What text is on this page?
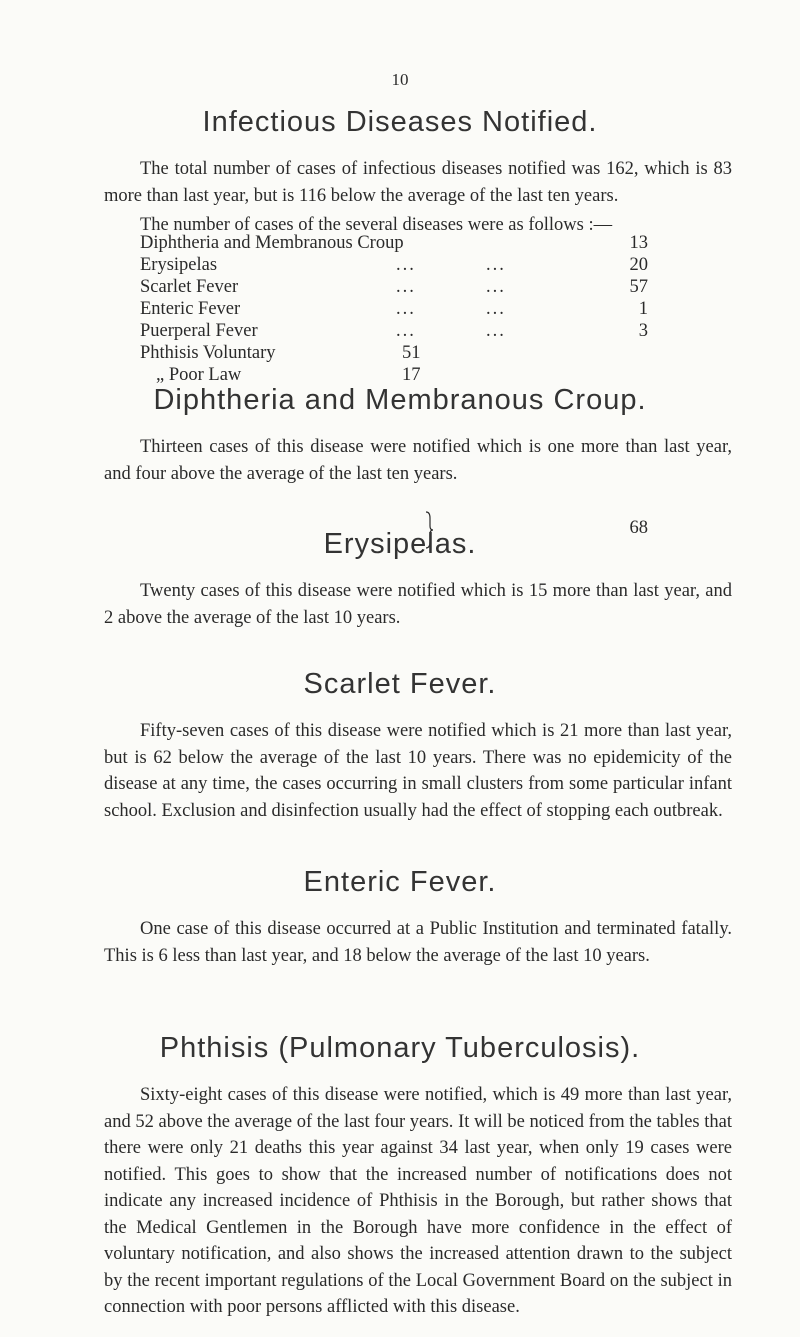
10
Infectious Diseases Notified.
The total number of cases of infectious diseases notified was 162, which is 83 more than last year, but is 116 below the average of the last ten years.
The number of cases of the several diseases were as follows :—
Diphtheria and Membranous Croup	13
Erysipelas	...	...	20
Scarlet Fever	...	...	57
Enteric Fever	...	...	1
Puerperal Fever	...	...	3
Phthisis Voluntary	51
„ Poor Law	17
68
Diphtheria and Membranous Croup.
Thirteen cases of this disease were notified which is one more than last year, and four above the average of the last ten years.
Erysipelas.
Twenty cases of this disease were notified which is 15 more than last year, and 2 above the average of the last 10 years.
Scarlet Fever.
Fifty-seven cases of this disease were notified which is 21 more than last year, but is 62 below the average of the last 10 years. There was no epidemicity of the disease at any time, the cases occurring in small clusters from some particular infant school. Exclusion and disinfection usually had the effect of stopping each outbreak.
Enteric Fever.
One case of this disease occurred at a Public Institution and terminated fatally. This is 6 less than last year, and 18 below the average of the last 10 years.
Phthisis (Pulmonary Tuberculosis).
Sixty-eight cases of this disease were notified, which is 49 more than last year, and 52 above the average of the last four years. It will be noticed from the tables that there were only 21 deaths this year against 34 last year, when only 19 cases were notified. This goes to show that the increased number of notifications does not indicate any increased incidence of Phthisis in the Borough, but rather shows that the Medical Gentlemen in the Borough have more confidence in the effect of voluntary notification, and also shows the increased attention drawn to the subject by the recent important regulations of the Local Government Board on the subject in connection with poor persons afflicted with this disease.
